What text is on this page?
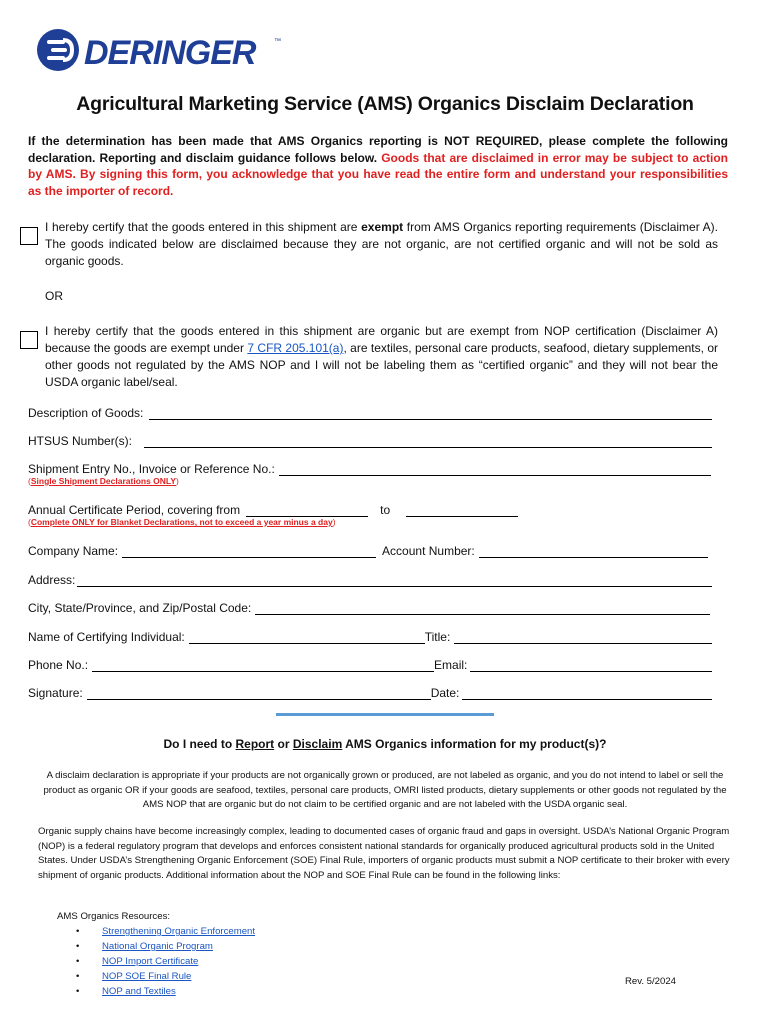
DERINGER	™
Agricultural Marketing Service (AMS) Organics Disclaim Declaration
If the determination has been made that AMS Organics reporting is NOT REQUIRED, please complete the following declaration. Reporting and disclaim guidance follows below. Goods that are disclaimed in error may be subject to action by AMS. By signing this form, you acknowledge that you have read the entire form and understand your responsibilities as the importer of record.
I hereby certify that the goods entered in this shipment are exempt from AMS Organics reporting requirements (Disclaimer A). The goods indicated below are disclaimed because they are not organic, are not certified organic and will not be sold as organic goods.
OR
I hereby certify that the goods entered in this shipment are organic but are exempt from NOP certification (Disclaimer A) because the goods are exempt under 7 CFR 205.101(a), are textiles, personal care products, seafood, dietary supplements, or other goods not regulated by the AMS NOP and I will not be labeling them as “certified organic” and they will not bear the USDA organic label/seal.
Description of Goods:
HTSUS Number(s):
Shipment Entry No., Invoice or Reference No.:
(Single Shipment Declarations ONLY)
Annual Certificate Period, covering from	to
(Complete ONLY for Blanket Declarations, not to exceed a year minus a day)
Company Name:	Account Number:
Address:
City, State/Province, and Zip/Postal Code:
Name of Certifying Individual:	Title:
Phone No.:	Email:
Signature:	Date:
Do I need to Report or Disclaim AMS Organics information for my product(s)?
A disclaim declaration is appropriate if your products are not organically grown or produced, are not labeled as organic, and you do not intend to label or sell the product as organic OR if your goods are seafood, textiles, personal care products, OMRI listed products, dietary supplements or other goods not regulated by the AMS NOP that are organic but do not claim to be certified organic and are not labeled with the USDA organic seal.
Organic supply chains have become increasingly complex, leading to documented cases of organic fraud and gaps in oversight. USDA’s National Organic Program (NOP) is a federal regulatory program that develops and enforces consistent national standards for organically produced agricultural products sold in the United States. Under USDA’s Strengthening Organic Enforcement (SOE) Final Rule, importers of organic products must submit a NOP certificate to their broker with every shipment of organic products. Additional information about the NOP and SOE Final Rule can be found in the following links:
AMS Organics Resources:
• Strengthening Organic Enforcement
• National Organic Program
• NOP Import Certificate
• NOP SOE Final Rule
• NOP and Textiles
Rev. 5/2024
